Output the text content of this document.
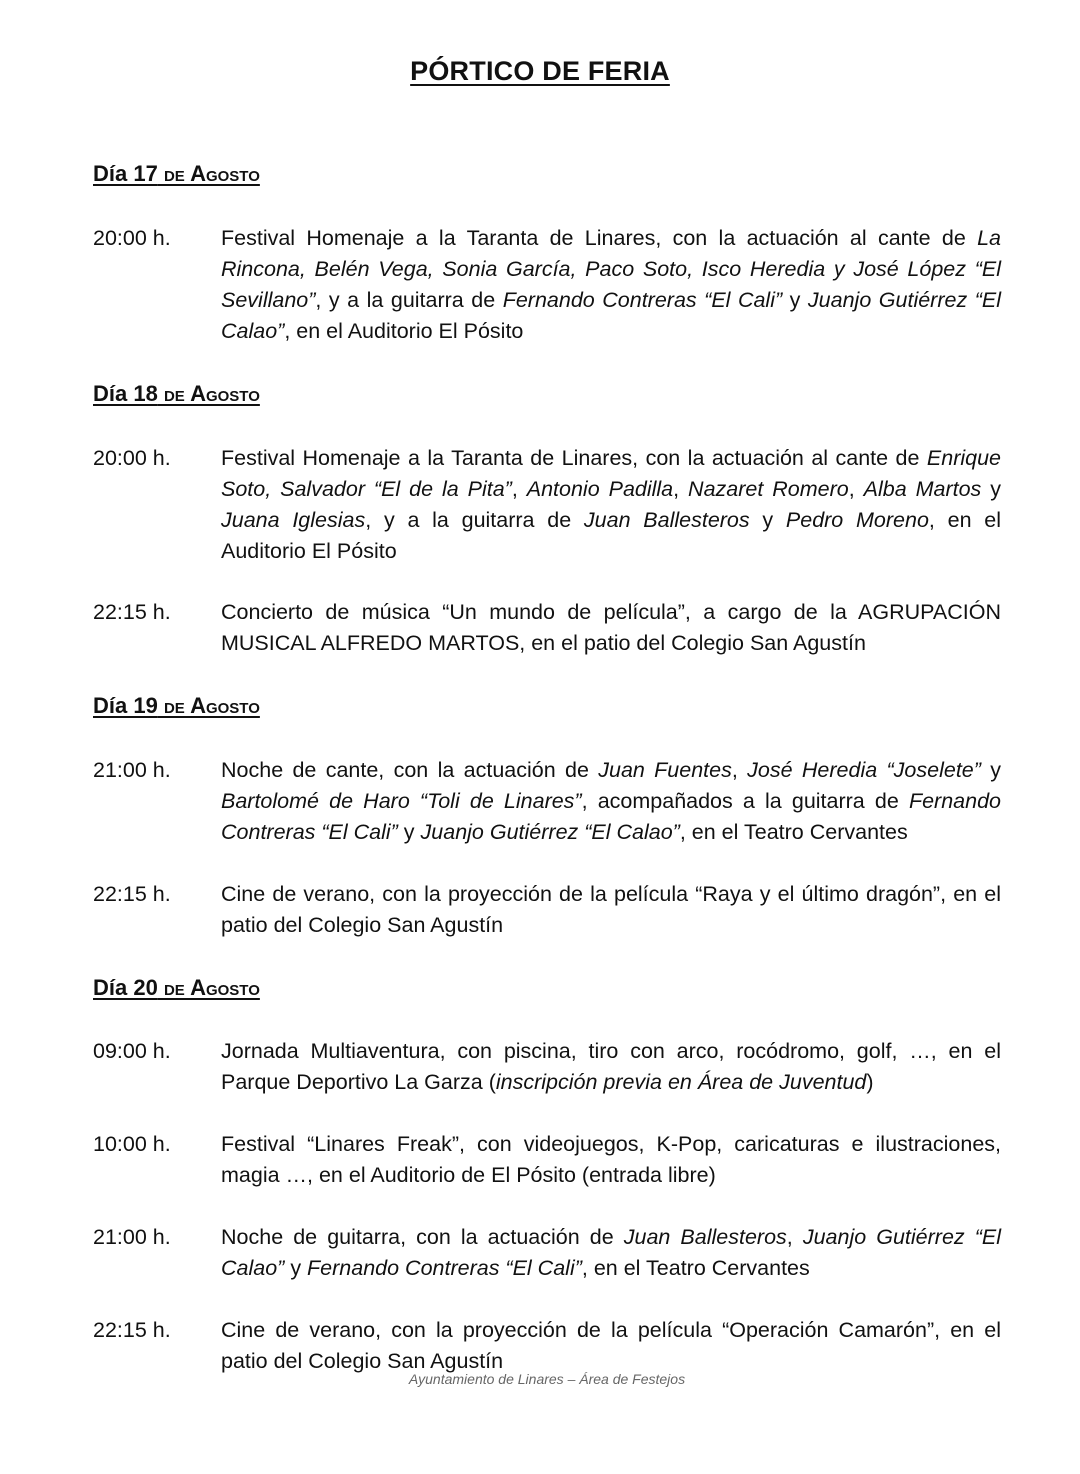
PÓRTICO DE FERIA
Día 17 de Agosto
20:00 h. Festival Homenaje a la Taranta de Linares, con la actuación al cante de La Rincona, Belén Vega, Sonia García, Paco Soto, Isco Heredia y José López “El Sevillano”, y a la guitarra de Fernando Contreras “El Cali” y Juanjo Gutiérrez “El Calao”, en el Auditorio El Pósito
Día 18 de Agosto
20:00 h. Festival Homenaje a la Taranta de Linares, con la actuación al cante de Enrique Soto, Salvador “El de la Pita”, Antonio Padilla, Nazaret Romero, Alba Martos y Juana Iglesias, y a la guitarra de Juan Ballesteros y Pedro Moreno, en el Auditorio El Pósito
22:15 h. Concierto de música “Un mundo de película”, a cargo de la AGRUPACIÓN MUSICAL ALFREDO MARTOS, en el patio del Colegio San Agustín
Día 19 de Agosto
21:00 h. Noche de cante, con la actuación de Juan Fuentes, José Heredia “Joselete” y Bartolomé de Haro “Toli de Linares”, acompañados a la guitarra de Fernando Contreras “El Cali” y Juanjo Gutiérrez “El Calao”, en el Teatro Cervantes
22:15 h. Cine de verano, con la proyección de la película “Raya y el último dragón”, en el patio del Colegio San Agustín
Día 20 de Agosto
09:00 h. Jornada Multiaventura, con piscina, tiro con arco, rocódromo, golf, …, en el Parque Deportivo La Garza (inscripción previa en Área de Juventud)
10:00 h. Festival “Linares Freak”, con videojuegos, K-Pop, caricaturas e ilustraciones, magia …, en el Auditorio de El Pósito (entrada libre)
21:00 h. Noche de guitarra, con la actuación de Juan Ballesteros, Juanjo Gutiérrez “El Calao” y Fernando Contreras “El Cali”, en el Teatro Cervantes
22:15 h. Cine de verano, con la proyección de la película “Operación Camarón”, en el patio del Colegio San Agustín
Ayuntamiento de Linares – Área de Festejos
